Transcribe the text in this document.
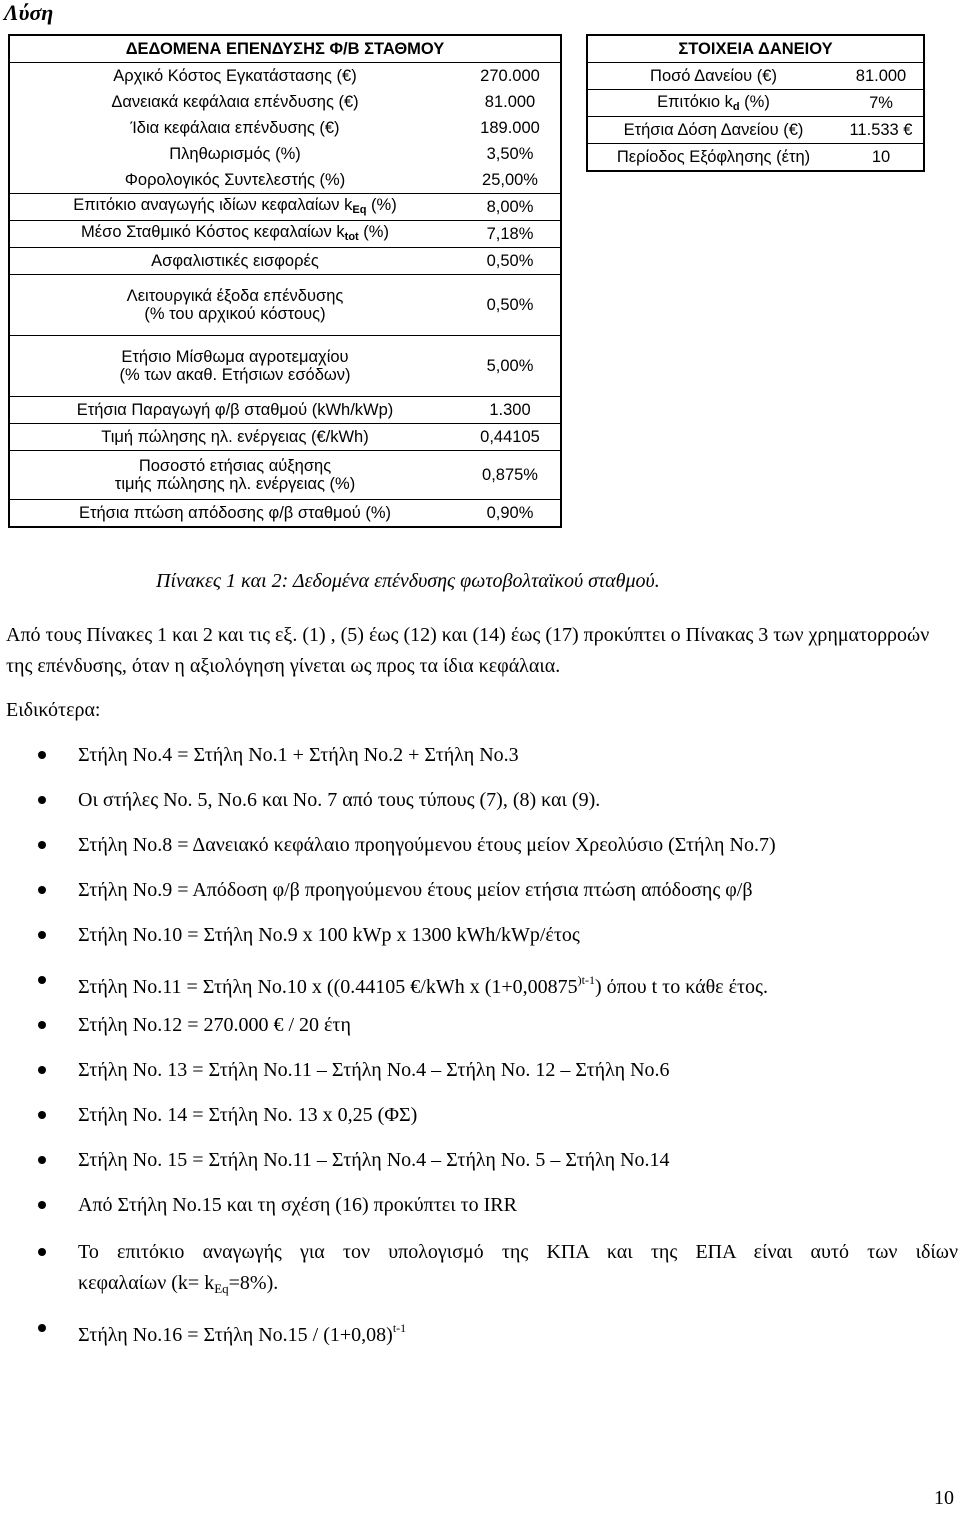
Λύση
ΔΕΔΟΜΕΝΑ ΕΠΕΝΔΥΣΗΣ Φ/Β ΣΤΑΘΜΟΥ	
Αρχικό Κόστος Εγκατάστασης (€)	270.000
Δανειακά κεφάλαια επένδυσης (€)	81.000
Ίδια κεφάλαια επένδυσης (€)	189.000
Πληθωρισμός (%)	3,50%
Φορολογικός Συντελεστής (%)	25,00%
Επιτόκιο αναγωγής ιδίων κεφαλαίων $k_{Eq}$ (%)	8,00%
Μέσο Σταθμικό Κόστος κεφαλαίων $k_{tot}$ (%)	7,18%
Ασφαλιστικές εισφορές	0,50%

Λειτουργικά έξοδα επένδυσης
(% του αρχικού κόστους)	0,50%

Ετήσιο Μίσθωμα αγροτεμαχίου
(% των ακαθ. Ετήσιων εσόδων)	5,00%
Ετήσια Παραγωγή φ/β σταθμού (kWh/kWp)	1.300
Τιμή πώλησης ηλ. ενέργειας (€/kWh)	0,44105

Ποσοστό ετήσιας αύξησης
τιμής πώλησης ηλ. ενέργειας (%)	0,875%
Ετήσια πτώση απόδοσης φ/β σταθμού (%)	0,90%
ΣΤΟΙΧΕΙΑ ΔΑΝΕΙΟΥ	
Ποσό Δανείου (€)	81.000
Επιτόκιο $k_d$ (%)	7%
Ετήσια Δόση Δανείου (€)	11.533 €
Περίοδος Εξόφλησης (έτη)	10
Πίνακες 1 και 2: Δεδομένα επένδυσης φωτοβολταϊκού σταθμού.
Από τους Πίνακες 1 και 2 και τις εξ. (1) , (5) έως (12) και (14) έως (17) προκύπτει ο Πίνακας 3 των χρηματορροών της επένδυσης, όταν η αξιολόγηση γίνεται ως προς τα ίδια κεφάλαια.
Ειδικότερα:
Στήλη Νο.4 = Στήλη Νο.1 + Στήλη Νο.2 + Στήλη Νο.3
Οι στήλες Νο. 5, Νο.6 και Νο. 7 από τους τύπους (7), (8) και (9).
Στήλη Νο.8 = Δανειακό κεφάλαιο προηγούμενου έτους μείον Χρεολύσιο (Στήλη Νο.7)
Στήλη Νο.9 = Απόδοση φ/β προηγούμενου έτους μείον ετήσια πτώση απόδοσης φ/β
Στήλη Νο.10 = Στήλη Νο.9 x 100 kWp x 1300 kWh/kWp/έτος
Στήλη Νο.11 = Στήλη Νο.10 x ((0.44105 €/kWh x $(1+0,00875^{)t-1})$ όπου t το κάθε έτος.
Στήλη Νο.12 = 270.000 € / 20 έτη
Στήλη Νο. 13 = Στήλη Νο.11 – Στήλη Νο.4 – Στήλη Νο. 12 – Στήλη Νο.6
Στήλη Νο. 14 = Στήλη Νο. 13 x 0,25 (ΦΣ)
Στήλη Νο. 15 = Στήλη Νο.11 – Στήλη Νο.4 – Στήλη Νο. 5 – Στήλη Νο.14
Από Στήλη Νο.15 και τη σχέση (16) προκύπτει το IRR
Το επιτόκιο αναγωγής για τον υπολογισμό της ΚΠΑ και της ΕΠΑ είναι αυτό των ιδίων
κεφαλαίων $(k= k_{Eq}=8\%)$.
Στήλη Νο.16 = Στήλη $No.15 / (1+0,08)^{t-1}$
10
